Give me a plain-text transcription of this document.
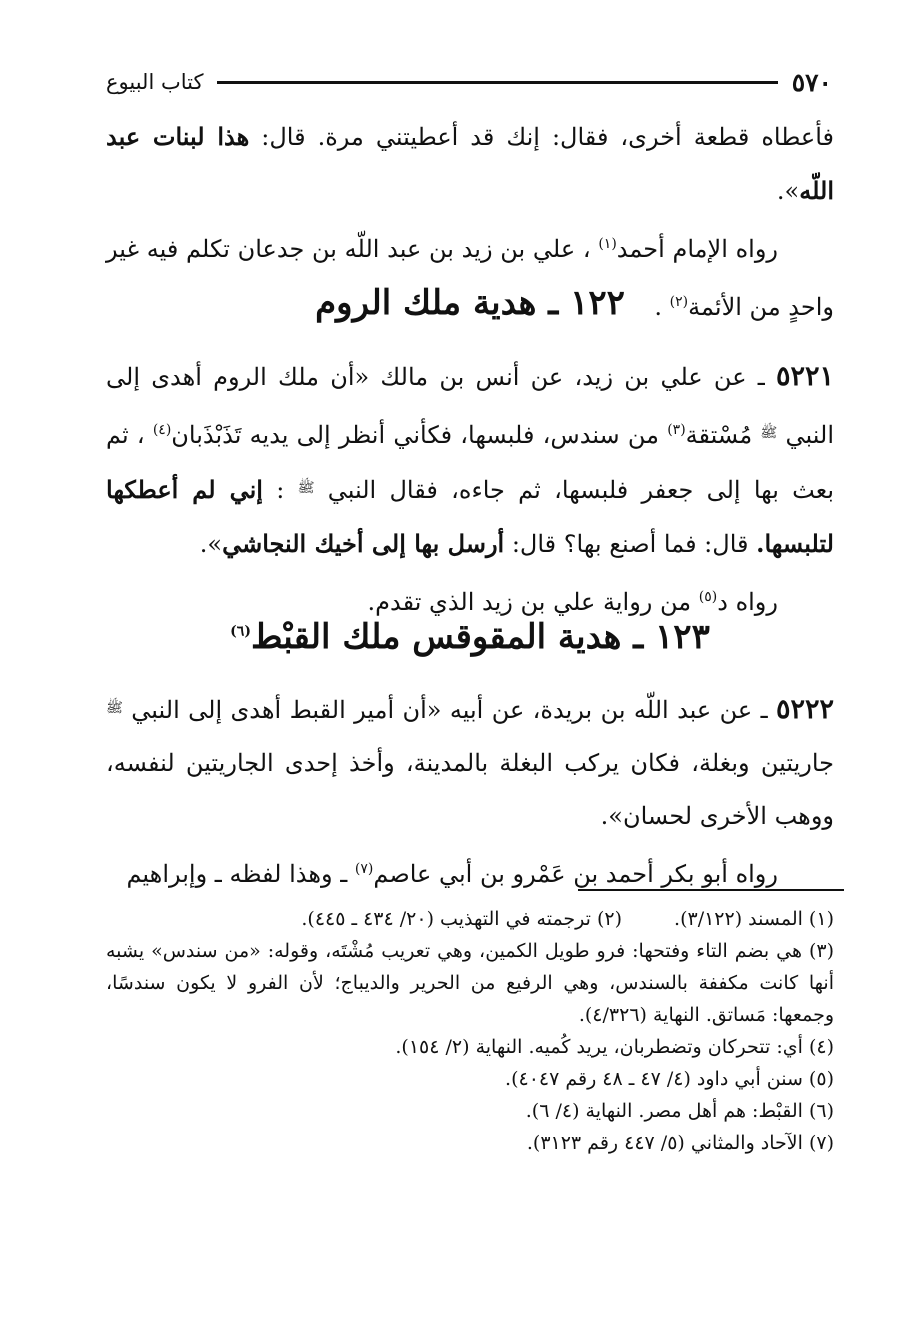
٥٧٠
كتاب البيوع

فأعطاه قطعة أخرى، فقال: إنك قد أعطيتني مرة. قال: هذا لبنات عبد اللّه».

رواه الإمام أحمد$^{(١)}$ ، علي بن زيد بن عبد اللّه بن جدعان تكلم فيه غير واحدٍ من الأئمة$^{(٢)}$ .

١٢٢ ـ هدية ملك الروم

٥٢٢١ ـ عن علي بن زيد، عن أنس بن مالك «أن ملك الروم أهدى إلى النبي $^ﷺ$ مُسْتقة$^{(٣)}$ من سندس، فلبسها، فكأني أنظر إلى يديه تَذَبْذَبان$^{(٤)}$ ، ثم بعث بها إلى جعفر فلبسها، ثم جاءه، فقال النبي $^ﷺ$ : إني لم أعطكها لتلبسها. قال: فما أصنع بها؟ قال: أرسل بها إلى أخيك النجاشي».

رواه د$^{(٥)}$ من رواية علي بن زيد الذي تقدم.

١٢٣ ـ هدية المقوقس ملك القبْط$^{(٦)}$

٥٢٢٢ ـ عن عبد اللّه بن بريدة، عن أبيه «أن أمير القبط أهدى إلى النبي $^ﷺ$ جاريتين وبغلة، فكان يركب البغلة بالمدينة، وأخذ إحدى الجاريتين لنفسه، ووهب الأخرى لحسان».

رواه أبو بكر أحمد بن عَمْرو بن أبي عاصم$^{(٧)}$ ـ وهذا لفظه ـ وإبراهيم

(١) المسند (٣/١٢٢).
(٢) ترجمته في التهذيب (٢٠/ ٤٣٤ ـ ٤٤٥).

(٣) هي بضم التاء وفتحها: فرو طويل الكمين، وهي تعريب مُشْتَه، وقوله: «من سندس» يشبه أنها كانت مكففة بالسندس، وهي الرفيع من الحرير والديباج؛ لأن الفرو لا يكون سندسًا، وجمعها: مَساتق. النهاية (٤/٣٢٦).

(٤) أي: تتحركان وتضطربان، يريد كُميه. النهاية (٢/ ١٥٤).

(٥) سنن أبي داود (٤/ ٤٧ ـ ٤٨ رقم ٤٠٤٧).

(٦) القبْط: هم أهل مصر. النهاية (٤/ ٦).

(٧) الآحاد والمثاني (٥/ ٤٤٧ رقم ٣١٢٣).
